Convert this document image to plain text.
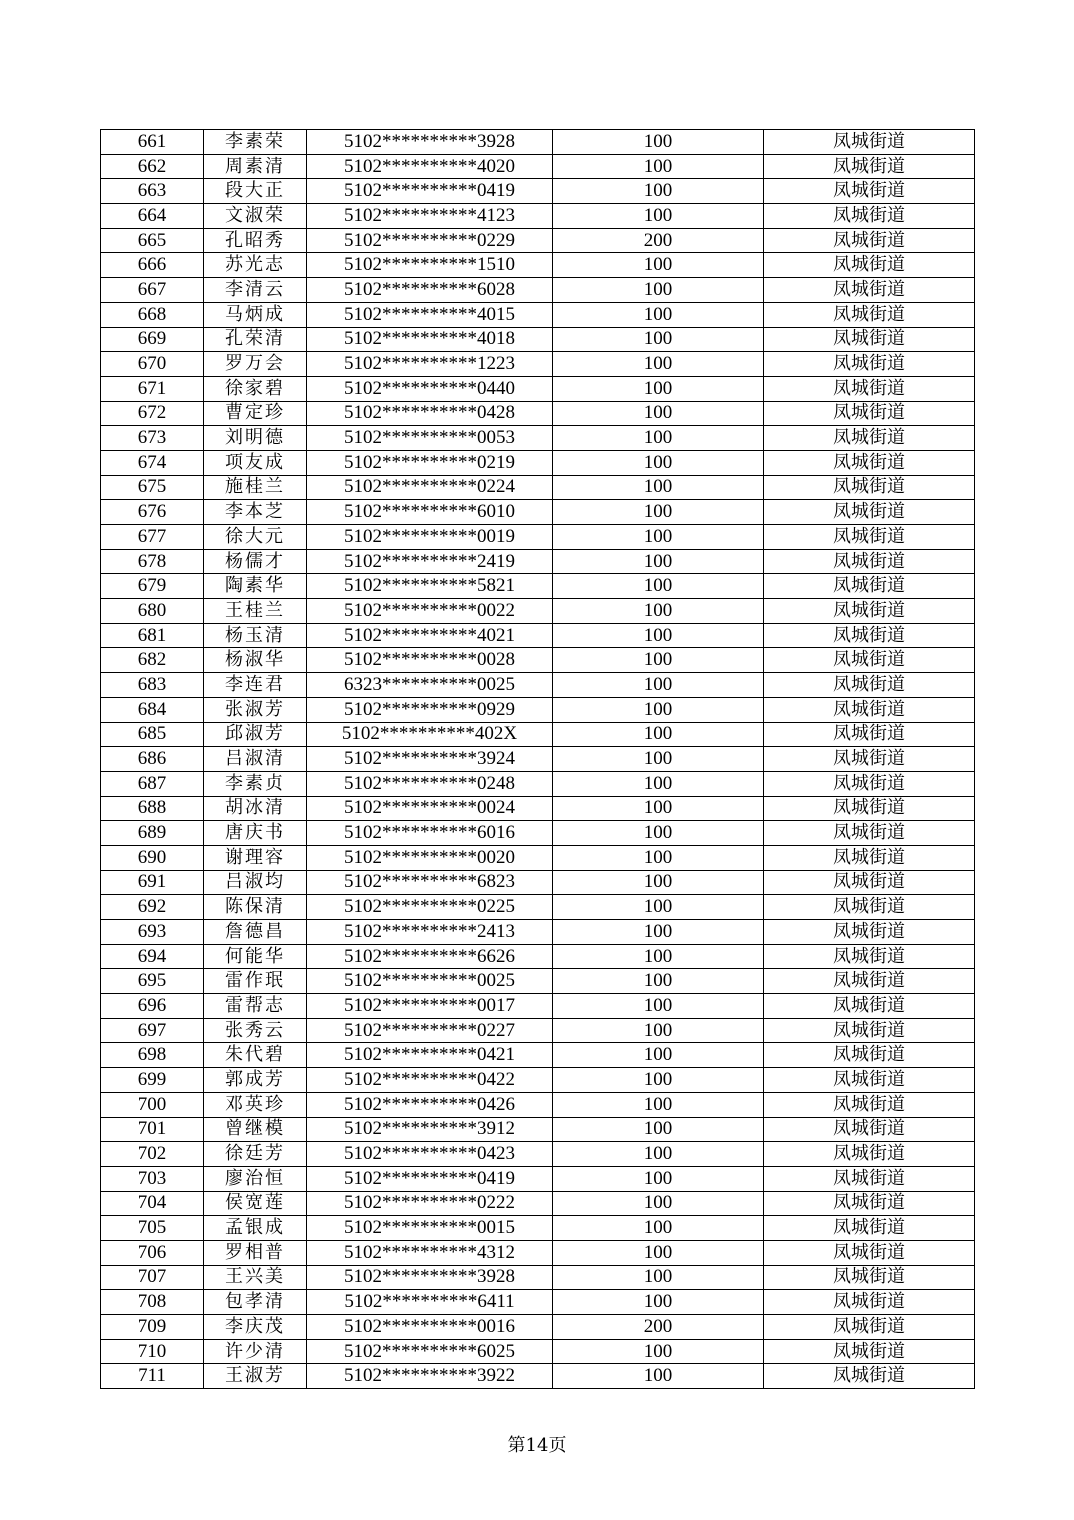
661	李素荣	5102**********3928	100	凤城街道
662	周素清	5102**********4020	100	凤城街道
663	段大正	5102**********0419	100	凤城街道
664	文淑荣	5102**********4123	100	凤城街道
665	孔昭秀	5102**********0229	200	凤城街道
666	苏光志	5102**********1510	100	凤城街道
667	李清云	5102**********6028	100	凤城街道
668	马炳成	5102**********4015	100	凤城街道
669	孔荣清	5102**********4018	100	凤城街道
670	罗万会	5102**********1223	100	凤城街道
671	徐家碧	5102**********0440	100	凤城街道
672	曹定珍	5102**********0428	100	凤城街道
673	刘明德	5102**********0053	100	凤城街道
674	项友成	5102**********0219	100	凤城街道
675	施桂兰	5102**********0224	100	凤城街道
676	李本芝	5102**********6010	100	凤城街道
677	徐大元	5102**********0019	100	凤城街道
678	杨儒才	5102**********2419	100	凤城街道
679	陶素华	5102**********5821	100	凤城街道
680	王桂兰	5102**********0022	100	凤城街道
681	杨玉清	5102**********4021	100	凤城街道
682	杨淑华	5102**********0028	100	凤城街道
683	李连君	6323**********0025	100	凤城街道
684	张淑芳	5102**********0929	100	凤城街道
685	邱淑芳	5102**********402X	100	凤城街道
686	吕淑清	5102**********3924	100	凤城街道
687	李素贞	5102**********0248	100	凤城街道
688	胡冰清	5102**********0024	100	凤城街道
689	唐庆书	5102**********6016	100	凤城街道
690	谢理容	5102**********0020	100	凤城街道
691	吕淑均	5102**********6823	100	凤城街道
692	陈保清	5102**********0225	100	凤城街道
693	詹德昌	5102**********2413	100	凤城街道
694	何能华	5102**********6626	100	凤城街道
695	雷作珉	5102**********0025	100	凤城街道
696	雷帮志	5102**********0017	100	凤城街道
697	张秀云	5102**********0227	100	凤城街道
698	朱代碧	5102**********0421	100	凤城街道
699	郭成芳	5102**********0422	100	凤城街道
700	邓英珍	5102**********0426	100	凤城街道
701	曾继模	5102**********3912	100	凤城街道
702	徐廷芳	5102**********0423	100	凤城街道
703	廖治恒	5102**********0419	100	凤城街道
704	侯宽莲	5102**********0222	100	凤城街道
705	孟银成	5102**********0015	100	凤城街道
706	罗相普	5102**********4312	100	凤城街道
707	王兴美	5102**********3928	100	凤城街道
708	包孝清	5102**********6411	100	凤城街道
709	李庆茂	5102**********0016	200	凤城街道
710	许少清	5102**********6025	100	凤城街道
711	王淑芳	5102**********3922	100	凤城街道
第14页
